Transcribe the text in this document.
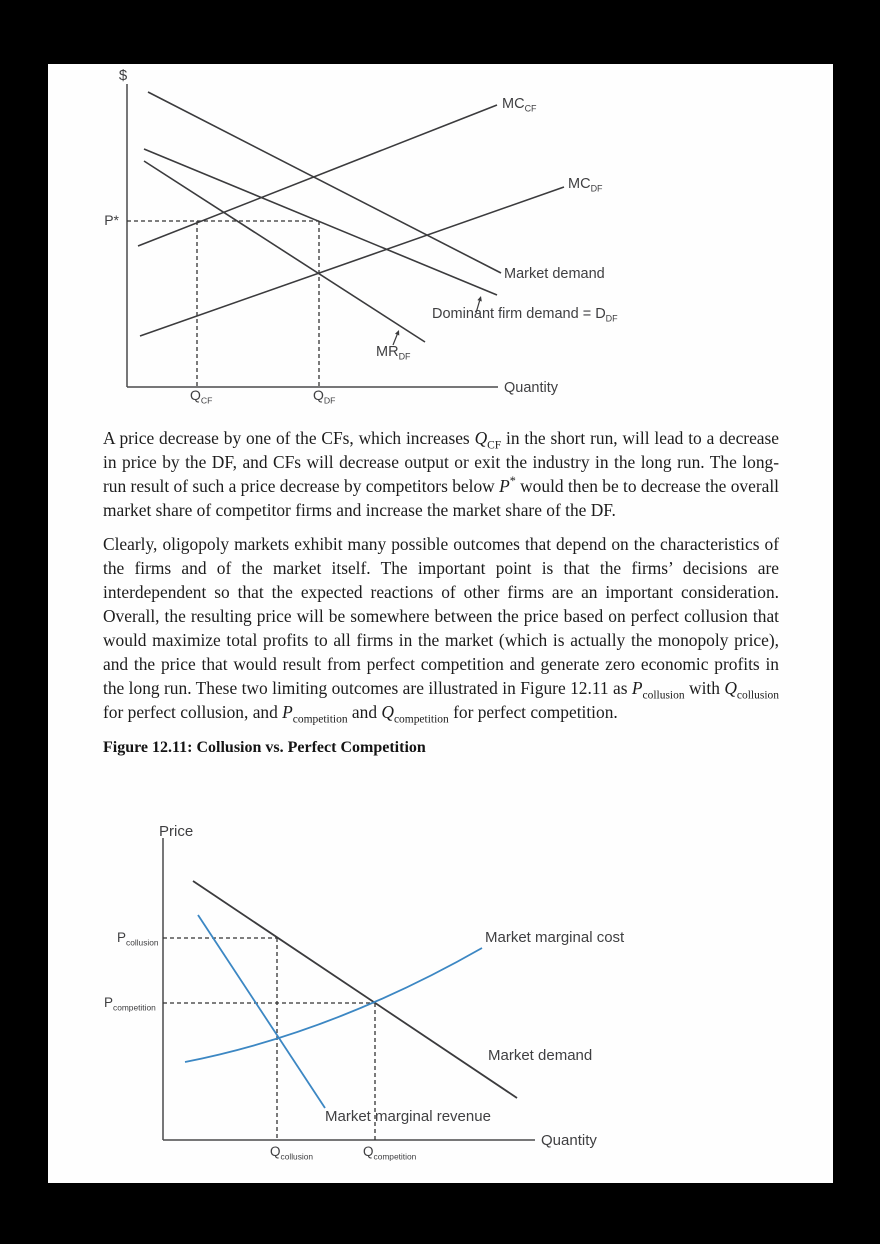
$
Quantity
P*
$Q_{CF}$	$Q_{DF}$
$MC_{CF}$
$MC_{DF}$
Market demand
Dominant firm demand = $D_{DF}$
$MR_{DF}$

A price decrease by one of the CFs, which increases $Q_{CF}$ in the short run, will lead to a decrease in price by the DF, and CFs will decrease output or exit the industry in the long run. The long-run result of such a price decrease by competitors below P* would then be to decrease the overall market share of competitor firms and increase the market share of the DF.

Clearly, oligopoly markets exhibit many possible outcomes that depend on the characteristics of the firms and of the market itself. The important point is that the firms’ decisions are interdependent so that the expected reactions of other firms are an important consideration. Overall, the resulting price will be somewhere between the price based on perfect collusion that would maximize total profits to all firms in the market (which is actually the monopoly price), and the price that would result from perfect competition and generate zero economic profits in the long run. These two limiting outcomes are illustrated in Figure 12.11 as $P_{collusion}$ with $Q_{collusion}$ for perfect collusion, and $P_{competition}$ and $Q_{competition}$ for perfect competition.

Figure 12.11: Collusion vs. Perfect Competition
Price
Quantity
$P_{collusion}$
$P_{competition}$
$Q_{collusion}$	$Q_{competition}$
Market marginal cost
Market demand
Market marginal revenue
